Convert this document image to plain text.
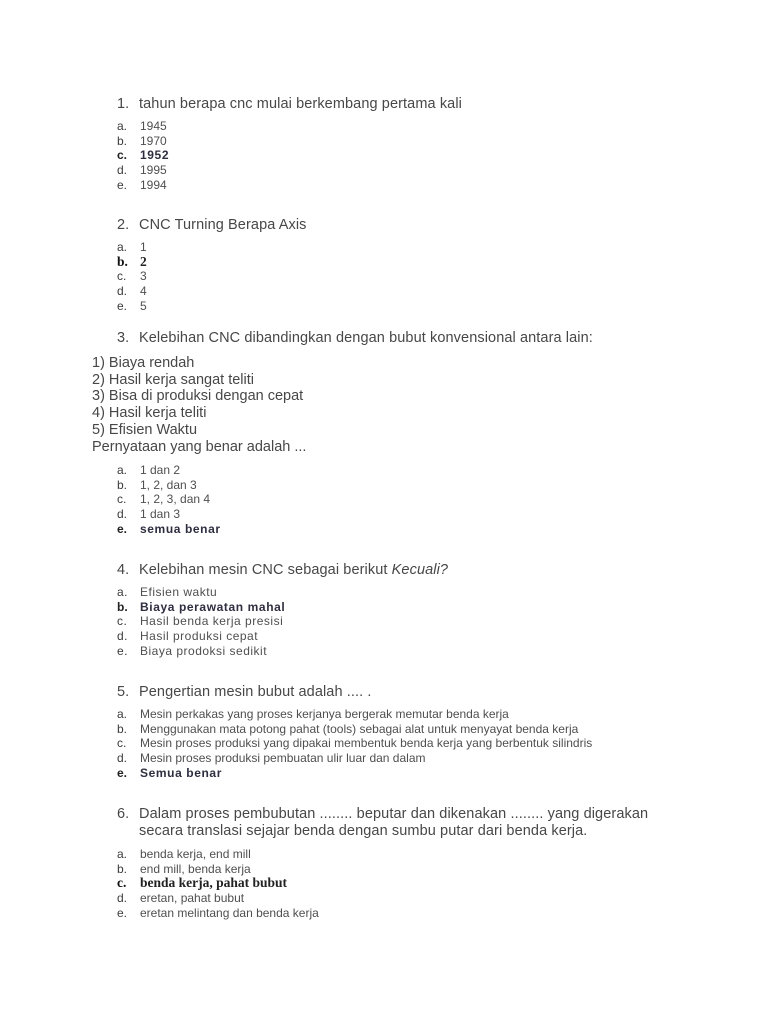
1. tahun berapa cnc mulai berkembang pertama kali
a. 1945
b. 1970
c. 1952
d. 1995
e. 1994
2. CNC Turning Berapa Axis
a. 1
b. 2
c. 3
d. 4
e. 5
3. Kelebihan CNC dibandingkan dengan bubut konvensional antara lain:
1) Biaya rendah
2) Hasil kerja sangat teliti
3) Bisa di produksi dengan cepat
4) Hasil kerja teliti
5) Efisien Waktu
Pernyataan yang benar adalah ...
a. 1 dan 2
b. 1, 2, dan 3
c. 1, 2, 3, dan 4
d. 1 dan 3
e. semua benar
4. Kelebihan mesin CNC sebagai berikut Kecuali?
a. Efisien waktu
b. Biaya perawatan mahal
c. Hasil benda kerja presisi
d. Hasil produksi cepat
e. Biaya prodoksi sedikit
5. Pengertian mesin bubut adalah .... .
a. Mesin perkakas yang proses kerjanya bergerak memutar benda kerja
b. Menggunakan mata potong pahat (tools) sebagai alat untuk menyayat benda kerja
c. Mesin proses produksi yang dipakai membentuk benda kerja yang berbentuk silindris
d. Mesin proses produksi pembuatan ulir luar dan dalam
e. Semua benar
6. Dalam proses pembubutan ........ beputar dan dikenakan ........ yang digerakan
secara translasi sejajar benda dengan sumbu putar dari benda kerja.
a. benda kerja, end mill
b. end mill, benda kerja
c. benda kerja, pahat bubut
d. eretan, pahat bubut
e. eretan melintang dan benda kerja
